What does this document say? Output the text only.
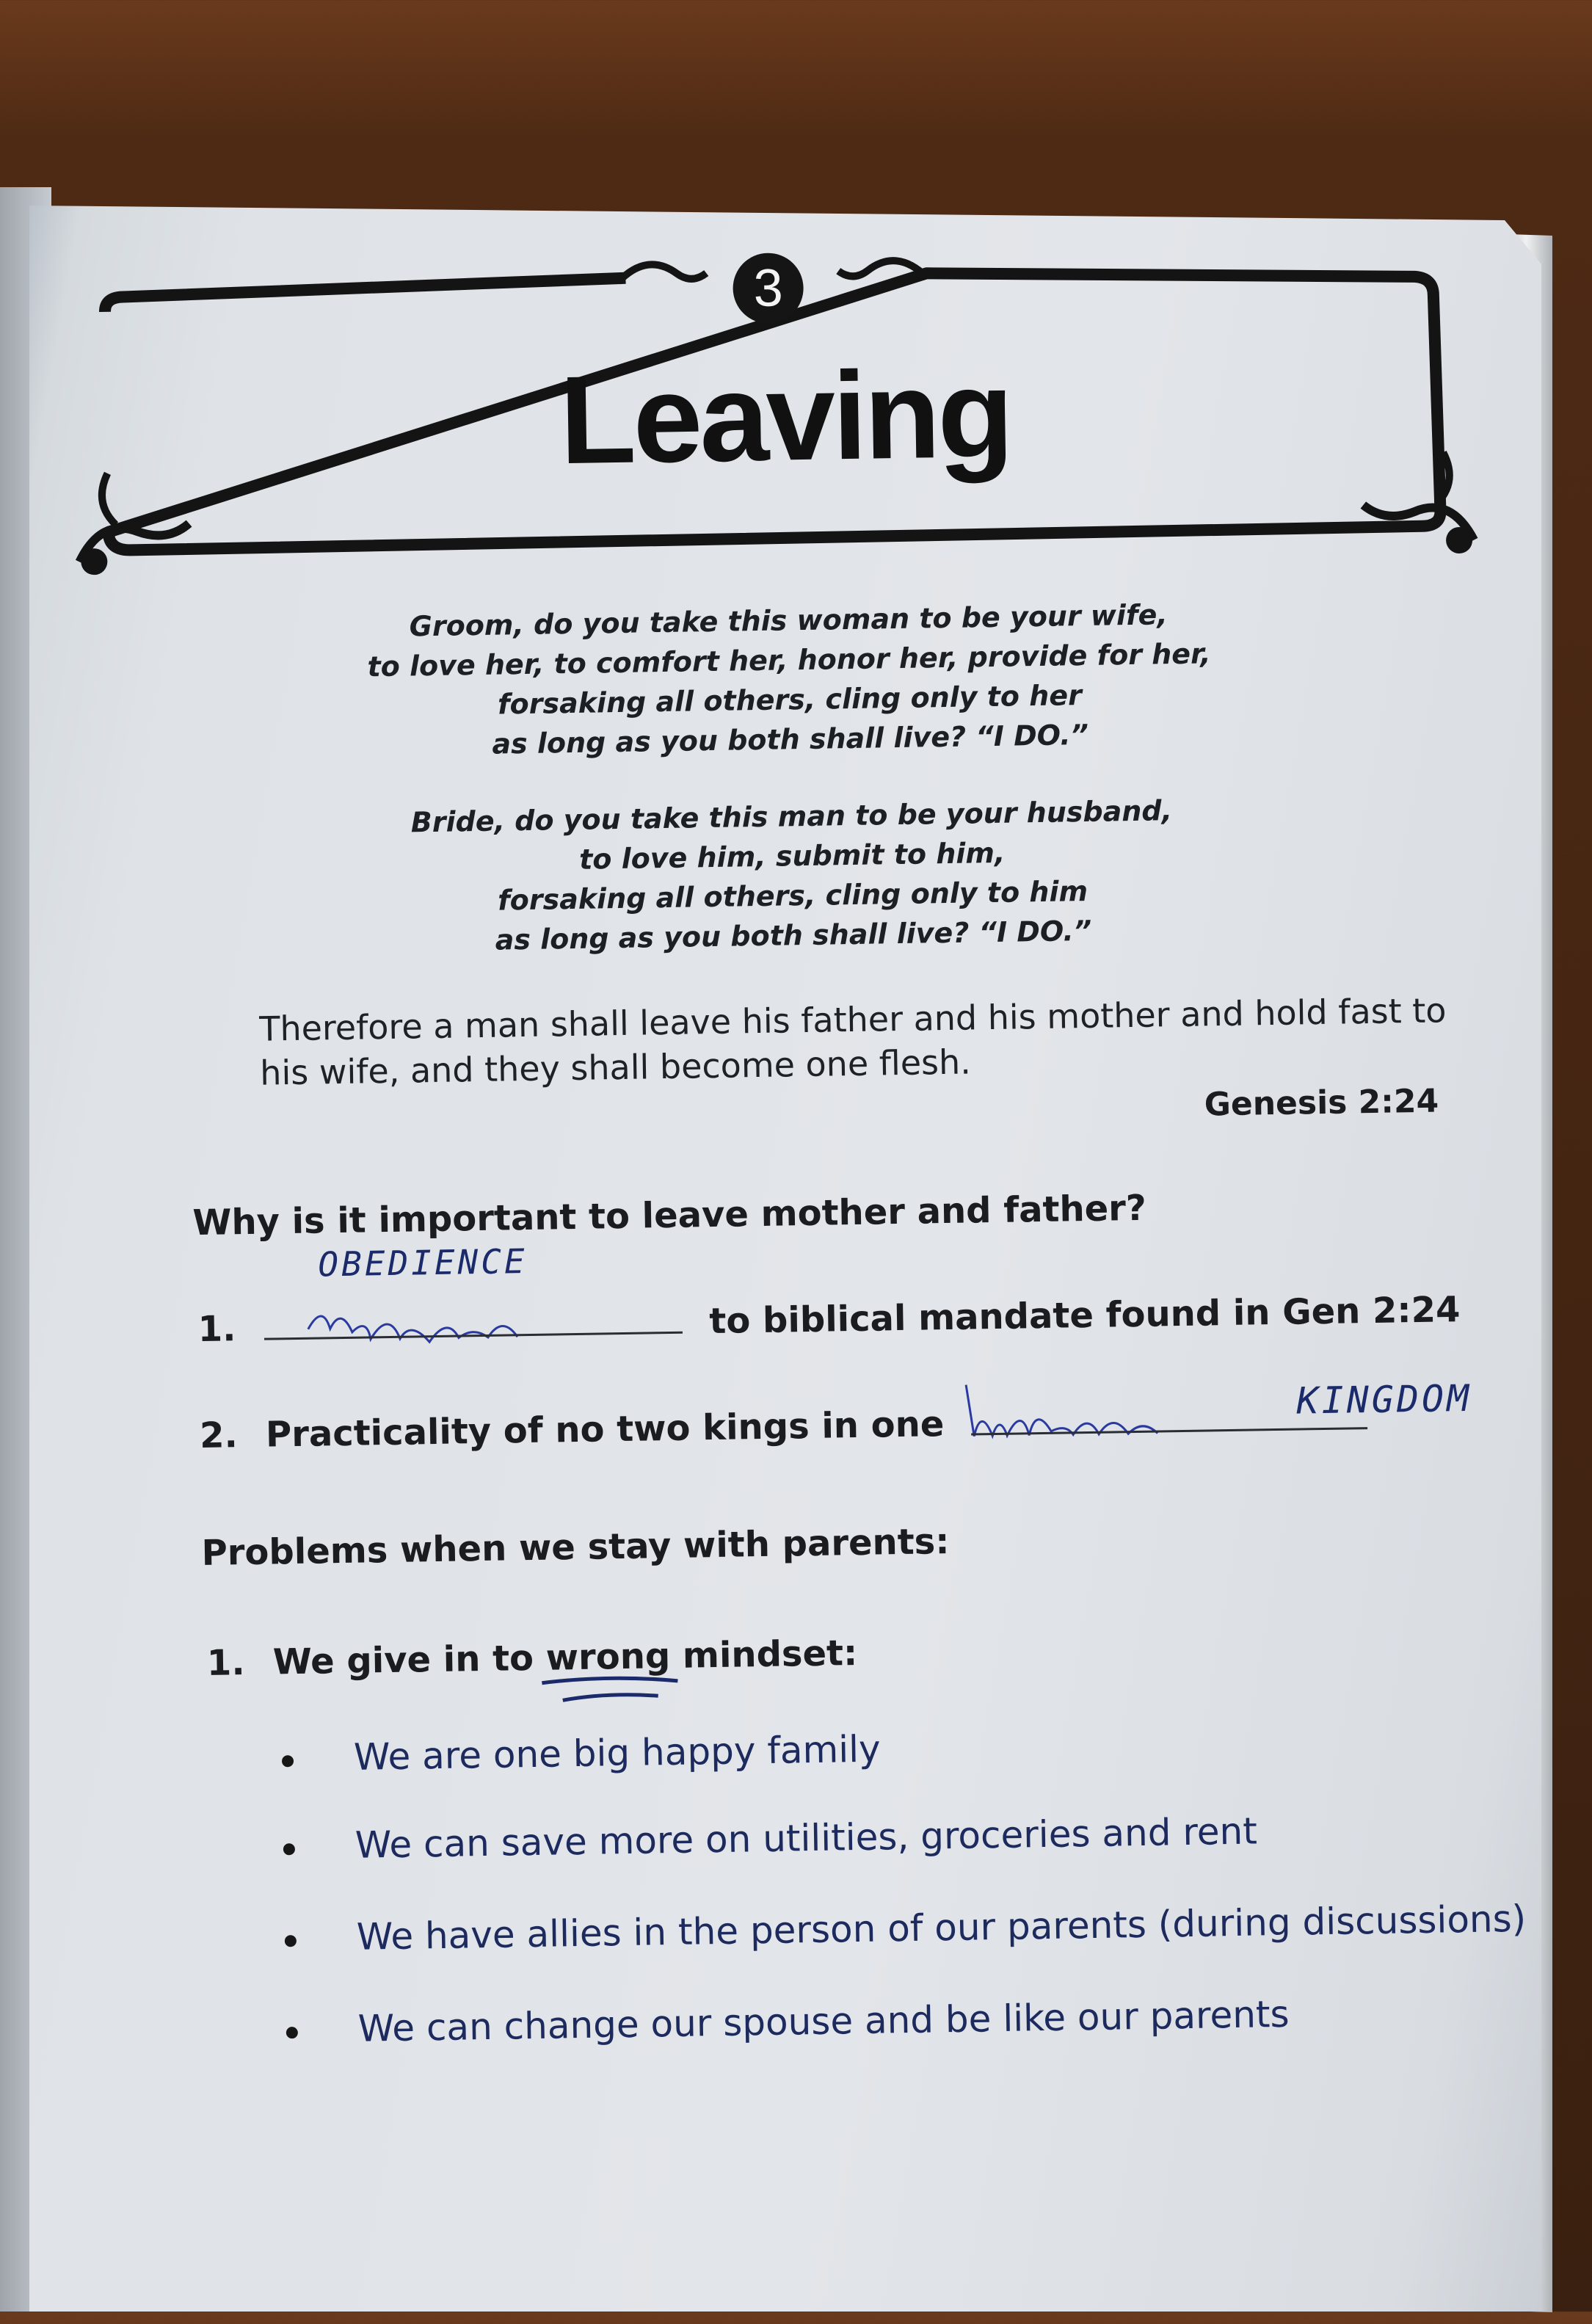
3
Leaving
Groom, do you take this woman to be your wife,
to love her, to comfort her, honor her, provide for her,
forsaking all others, cling only to her
as long as you both shall live? “I DO.”
Bride, do you take this man to be your husband,
to love him, submit to him,
forsaking all others, cling only to him
as long as you both shall live? “I DO.”
Therefore a man shall leave his father and his mother and hold fast to his wife, and they shall become one flesh.
Genesis 2:24
Why is it important to leave mother and father?
OBEDIENCE
1.	to biblical mandate found in Gen 2:24
2. Practicality of no two kings in one
KINGDOM
Problems when we stay with parents:
1. We give in to wrong
mindset:
We are one big happy family
We can save more on utilities, groceries and rent
We have allies in the person of our parents (during discussions)
We can change our spouse and be like our parents
